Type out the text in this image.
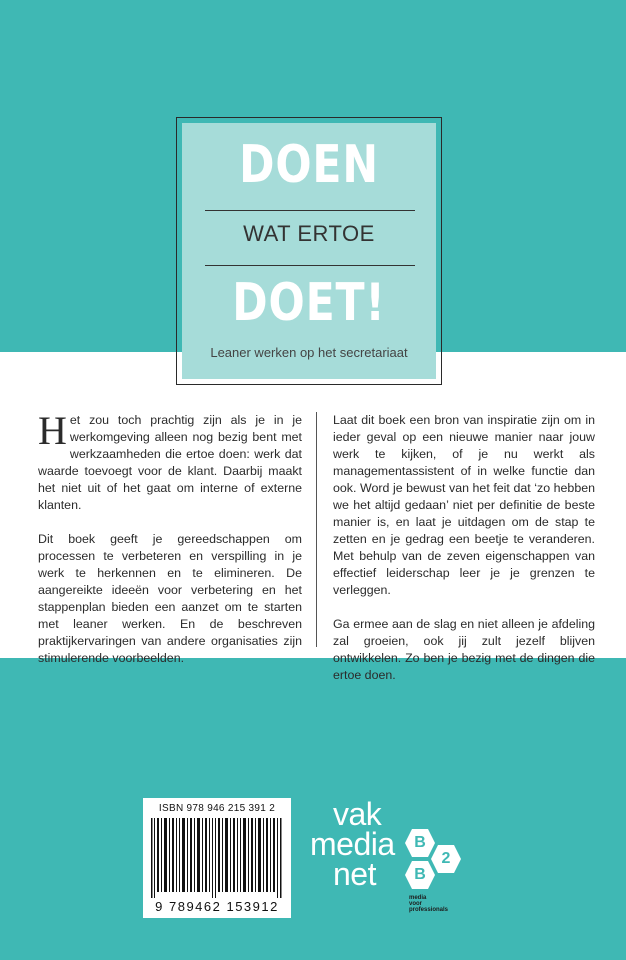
DOEN
WAT ERTOE
DOET!
Leaner werken op het secretariaat

Het zou toch prachtig zijn als je in je werkomgeving alleen nog bezig bent met werkzaamheden die ertoe doen: werk dat waarde toevoegt voor de klant. Daarbij maakt het niet uit of het gaat om interne of externe klanten.

Dit boek geeft je gereedschappen om processen te verbeteren en verspilling in je werk te herkennen en te elimineren. De aangereikte ideeën voor verbetering en het stappenplan bieden een aanzet om te starten met leaner werken. En de beschreven praktijkervaringen van andere organisaties zijn stimulerende voorbeelden.

Laat dit boek een bron van inspiratie zijn om in ieder geval op een nieuwe manier naar jouw werk te kijken, of je nu werkt als managementassistent of in welke functie dan ook. Word je bewust van het feit dat ‘zo hebben we het altijd gedaan’ niet per definitie de beste manier is, en laat je uitdagen om de stap te zetten en je gedrag een beetje te veranderen. Met behulp van de zeven eigenschappen van effectief leiderschap leer je je grenzen te verleggen.

Ga ermee aan de slag en niet alleen je afdeling zal groeien, ook jij zult jezelf blijven ontwikkelen. Zo ben je bezig met de dingen die ertoe doen.

ISBN 978 946 215 391 2
9 789462 153912
vak
media
net
B
2
B
media
voor
professionals
